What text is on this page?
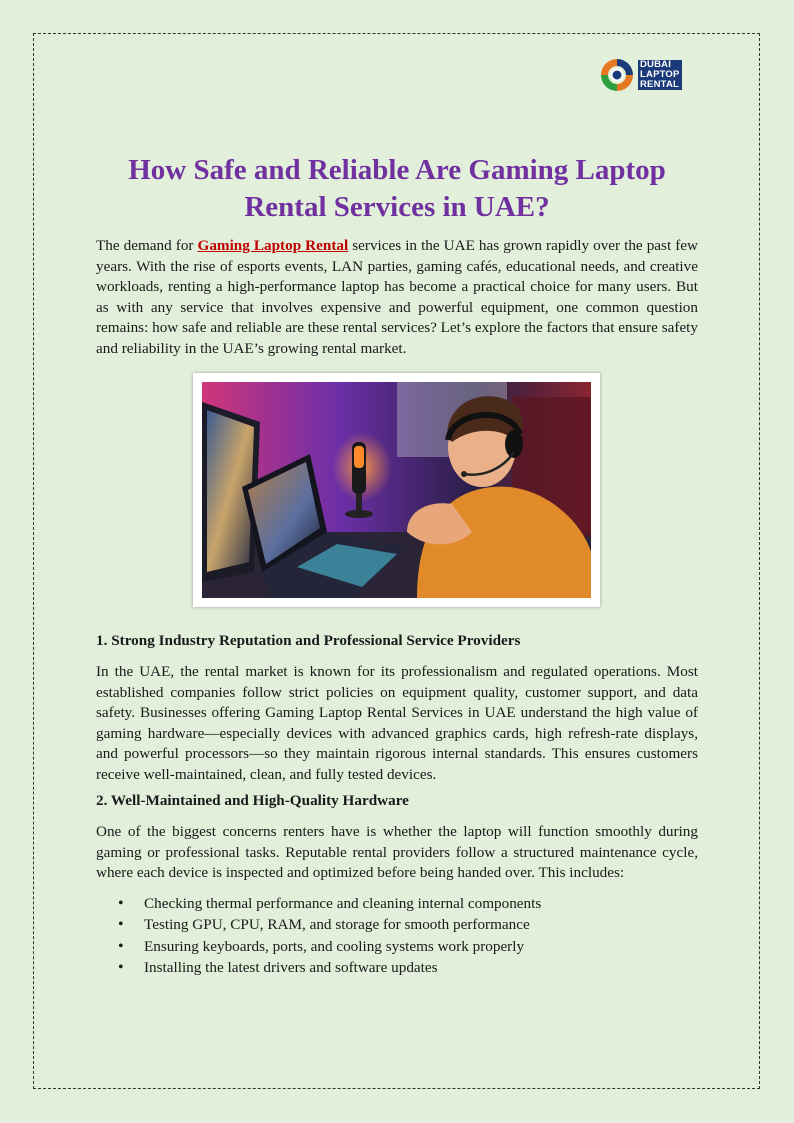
DUBAI
LAPTOP
RENTAL
How Safe and Reliable Are Gaming Laptop Rental Services in UAE?

The demand for Gaming Laptop Rental services in the UAE has grown rapidly over the past few years. With the rise of esports events, LAN parties, gaming cafés, educational needs, and creative workloads, renting a high-performance laptop has become a practical choice for many users. But as with any service that involves expensive and powerful equipment, one common question remains: how safe and reliable are these rental services? Let’s explore the factors that ensure safety and reliability in the UAE’s growing rental market.

1. Strong Industry Reputation and Professional Service Providers

In the UAE, the rental market is known for its professionalism and regulated operations. Most established companies follow strict policies on equipment quality, customer support, and data safety. Businesses offering Gaming Laptop Rental Services in UAE understand the high value of gaming hardware—especially devices with advanced graphics cards, high refresh-rate displays, and powerful processors—so they maintain rigorous internal standards. This ensures customers receive well-maintained, clean, and fully tested devices.

2. Well-Maintained and High-Quality Hardware

One of the biggest concerns renters have is whether the laptop will function smoothly during gaming or professional tasks. Reputable rental providers follow a structured maintenance cycle, where each device is inspected and optimized before being handed over. This includes:

• Checking thermal performance and cleaning internal components
• Testing GPU, CPU, RAM, and storage for smooth performance
• Ensuring keyboards, ports, and cooling systems work properly
• Installing the latest drivers and software updates
